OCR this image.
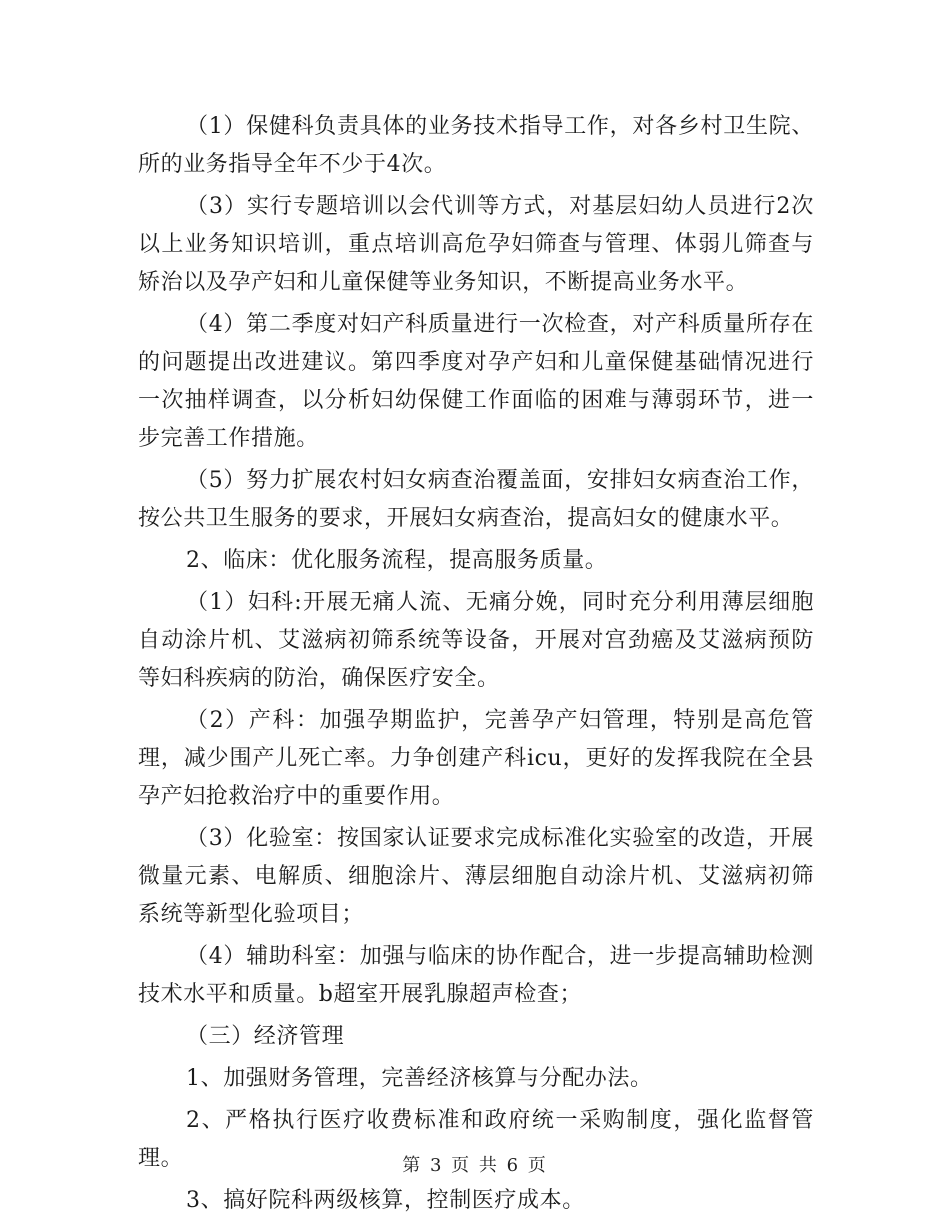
（1）保健科负责具体的业务技术指导工作，对各乡村卫生院、所的业务指导全年不少于4次。

（3）实行专题培训以会代训等方式，对基层妇幼人员进行2次以上业务知识培训，重点培训高危孕妇筛查与管理、体弱儿筛查与矫治以及孕产妇和儿童保健等业务知识，不断提高业务水平。

（4）第二季度对妇产科质量进行一次检查，对产科质量所存在的问题提出改进建议。第四季度对孕产妇和儿童保健基础情况进行一次抽样调查，以分析妇幼保健工作面临的困难与薄弱环节，进一步完善工作措施。

（5）努力扩展农村妇女病查治覆盖面，安排妇女病查治工作，按公共卫生服务的要求，开展妇女病查治，提高妇女的健康水平。

2、临床：优化服务流程，提高服务质量。

（1）妇科:开展无痛人流、无痛分娩，同时充分利用薄层细胞自动涂片机、艾滋病初筛系统等设备，开展对宫劲癌及艾滋病预防等妇科疾病的防治，确保医疗安全。

（2）产科：加强孕期监护，完善孕产妇管理，特别是高危管理，减少围产儿死亡率。力争创建产科icu，更好的发挥我院在全县孕产妇抢救治疗中的重要作用。

（3）化验室：按国家认证要求完成标准化实验室的改造，开展微量元素、电解质、细胞涂片、薄层细胞自动涂片机、艾滋病初筛系统等新型化验项目；

（4）辅助科室：加强与临床的协作配合，进一步提高辅助检测技术水平和质量。b超室开展乳腺超声检查；

（三）经济管理

1、加强财务管理，完善经济核算与分配办法。

2、严格执行医疗收费标准和政府统一采购制度，强化监督管理。

3、搞好院科两级核算，控制医疗成本。

第 3 页 共 6 页
